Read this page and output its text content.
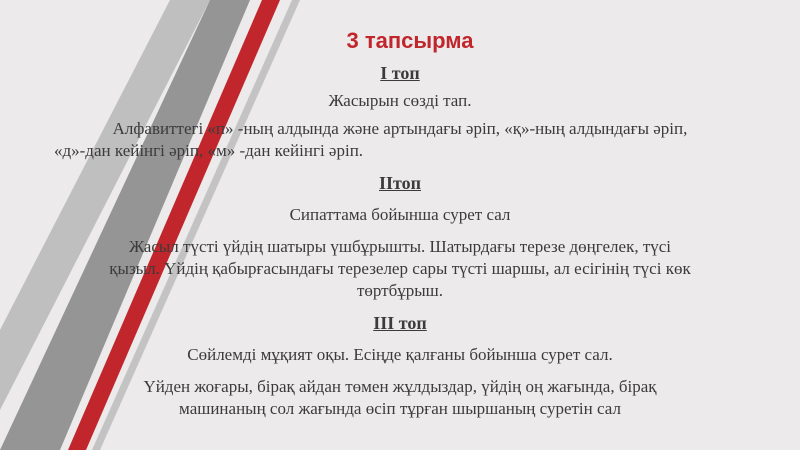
3 тапсырма

І топ

Жасырын сөзді тап.

Алфавиттегі «п» -ның алдында және артындағы әріп, «қ»-ның алдындағы әріп,

«д»-дан кейінгі әріп, «м» -дан кейінгі әріп.

ІІтоп

Сипаттама бойынша сурет сал

Жасыл түсті үйдің шатыры үшбұрышты. Шатырдағы терезе дөңгелек, түсі

қызыл. Үйдің қабырғасындағы терезелер сары түсті шаршы, ал есігінің түсі көк

төртбұрыш.

ІІІ топ

Сөйлемді мұқият оқы. Есіңде қалғаны бойынша сурет сал.

Үйден жоғары, бірақ айдан төмен жұлдыздар, үйдің оң жағында, бірақ

машинаның сол жағында өсіп тұрған шыршаның суретін сал
